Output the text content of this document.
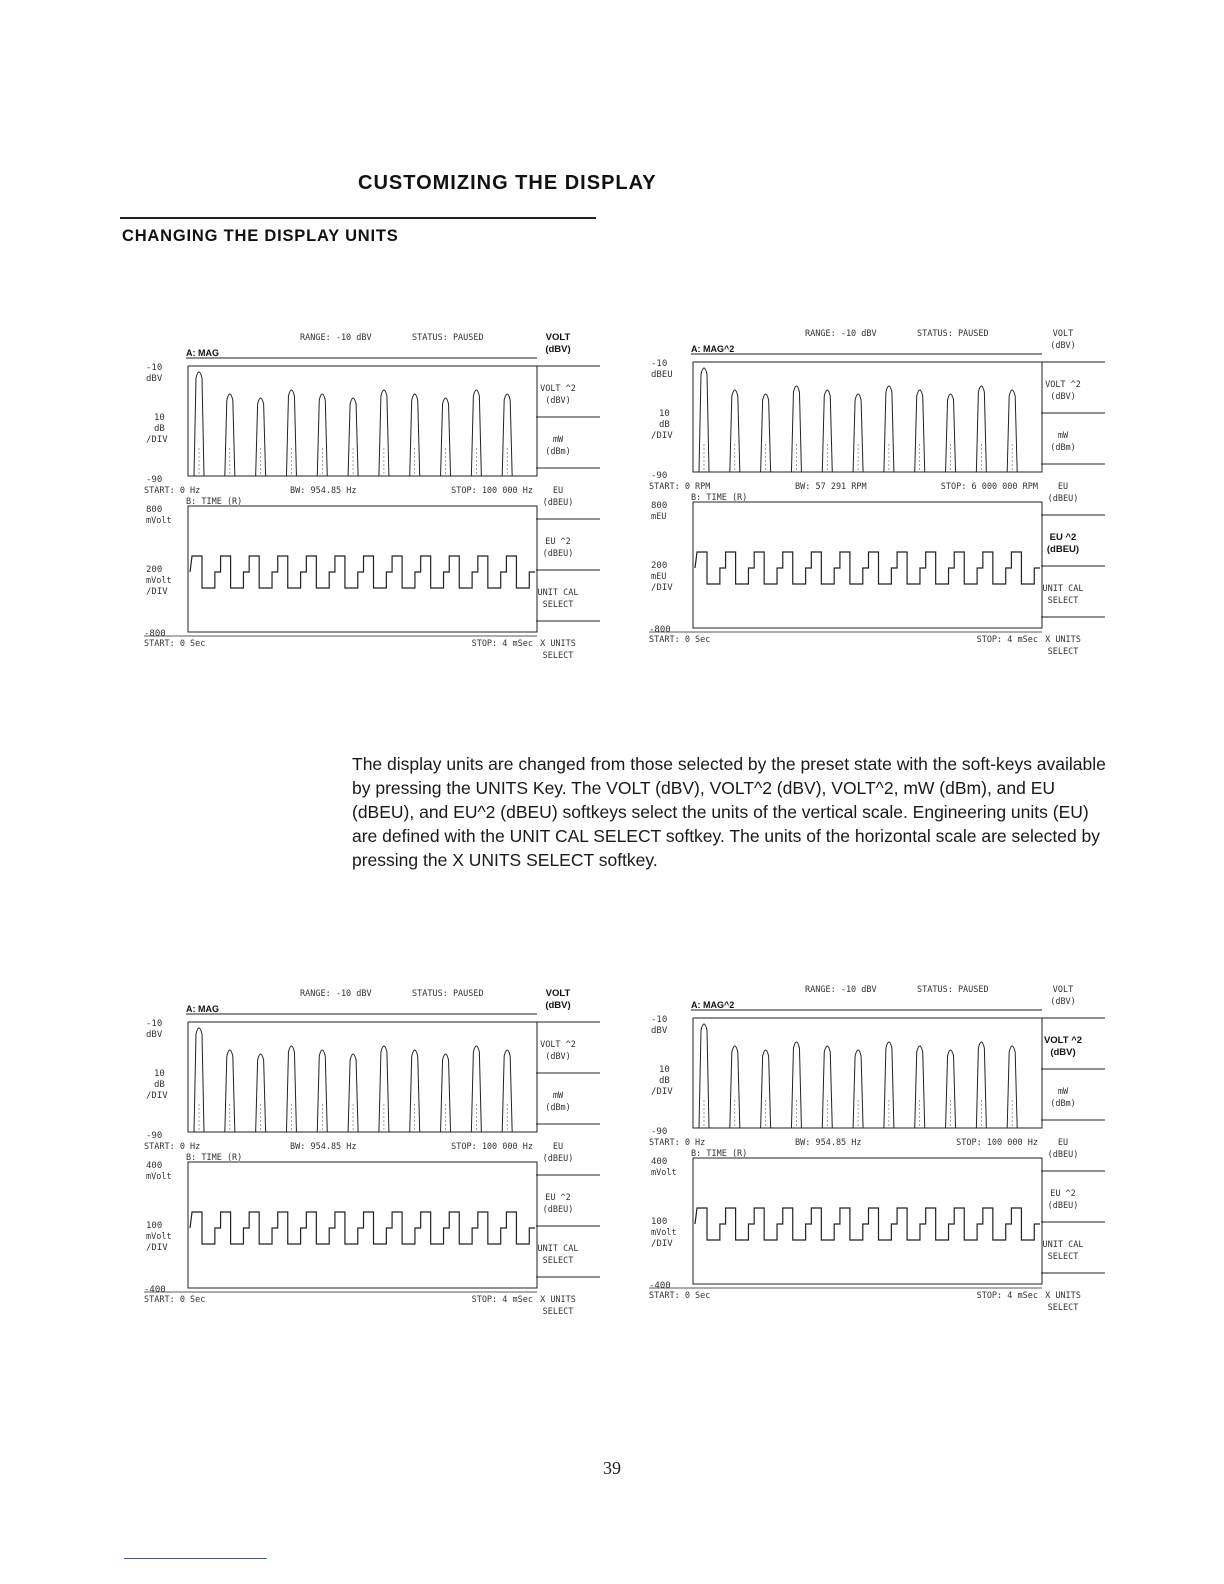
CUSTOMIZING THE DISPLAY
CHANGING THE DISPLAY UNITS
RANGE: -10 dBV	STATUS: PAUSED
A: MAG
-10
dBV
10
dB
/DIV
-90
START: 0 Hz	BW: 954.85 Hz	STOP: 100 000 Hz
B: TIME (R)
800
mVolt
200
mVolt
/DIV
-800
START: 0 Sec	STOP: 4 mSec
VOLT
(dBV)
VOLT ^2
(dBV)
mW
(dBm)
EU
(dBEU)
EU ^2
(dBEU)
UNIT CAL
SELECT
X UNITS
SELECT
RANGE: -10 dBV	STATUS: PAUSED
A: MAG^2
-10
dBEU
10
dB
/DIV
-90
START: 0 RPM	BW: 57 291 RPM	STOP: 6 000 000 RPM
B: TIME (R)
800
mEU
200
mEU
/DIV
-800
START: 0 Sec	STOP: 4 mSec
VOLT
(dBV)
VOLT ^2
(dBV)
mW
(dBm)
EU
(dBEU)
EU ^2
(dBEU)
UNIT CAL
SELECT
X UNITS
SELECT
The display units are changed from those selected by the preset state with the soft-keys available by pressing the UNITS Key. The VOLT (dBV), VOLT^2 (dBV), VOLT^2, mW (dBm), and EU (dBEU), and EU^2 (dBEU) softkeys select the units of the vertical scale. Engineering units (EU) are defined with the UNIT CAL SELECT softkey. The units of the horizontal scale are selected by pressing the X UNITS SELECT softkey.
RANGE: -10 dBV	STATUS: PAUSED
A: MAG
-10
dBV
10
dB
/DIV
-90
START: 0 Hz	BW: 954.85 Hz	STOP: 100 000 Hz
B: TIME (R)
400
mVolt
100
mVolt
/DIV
-400
START: 0 Sec	STOP: 4 mSec
VOLT
(dBV)
VOLT ^2
(dBV)
mW
(dBm)
EU
(dBEU)
EU ^2
(dBEU)
UNIT CAL
SELECT
X UNITS
SELECT
RANGE: -10 dBV	STATUS: PAUSED
A: MAG^2
-10
dBV
10
dB
/DIV
-90
START: 0 Hz	BW: 954.85 Hz	STOP: 100 000 Hz
B: TIME (R)
400
mVolt
100
mVolt
/DIV
-400
START: 0 Sec	STOP: 4 mSec
VOLT
(dBV)
VOLT ^2
(dBV)
mW
(dBm)
EU
(dBEU)
EU ^2
(dBEU)
UNIT CAL
SELECT
X UNITS
SELECT
39
